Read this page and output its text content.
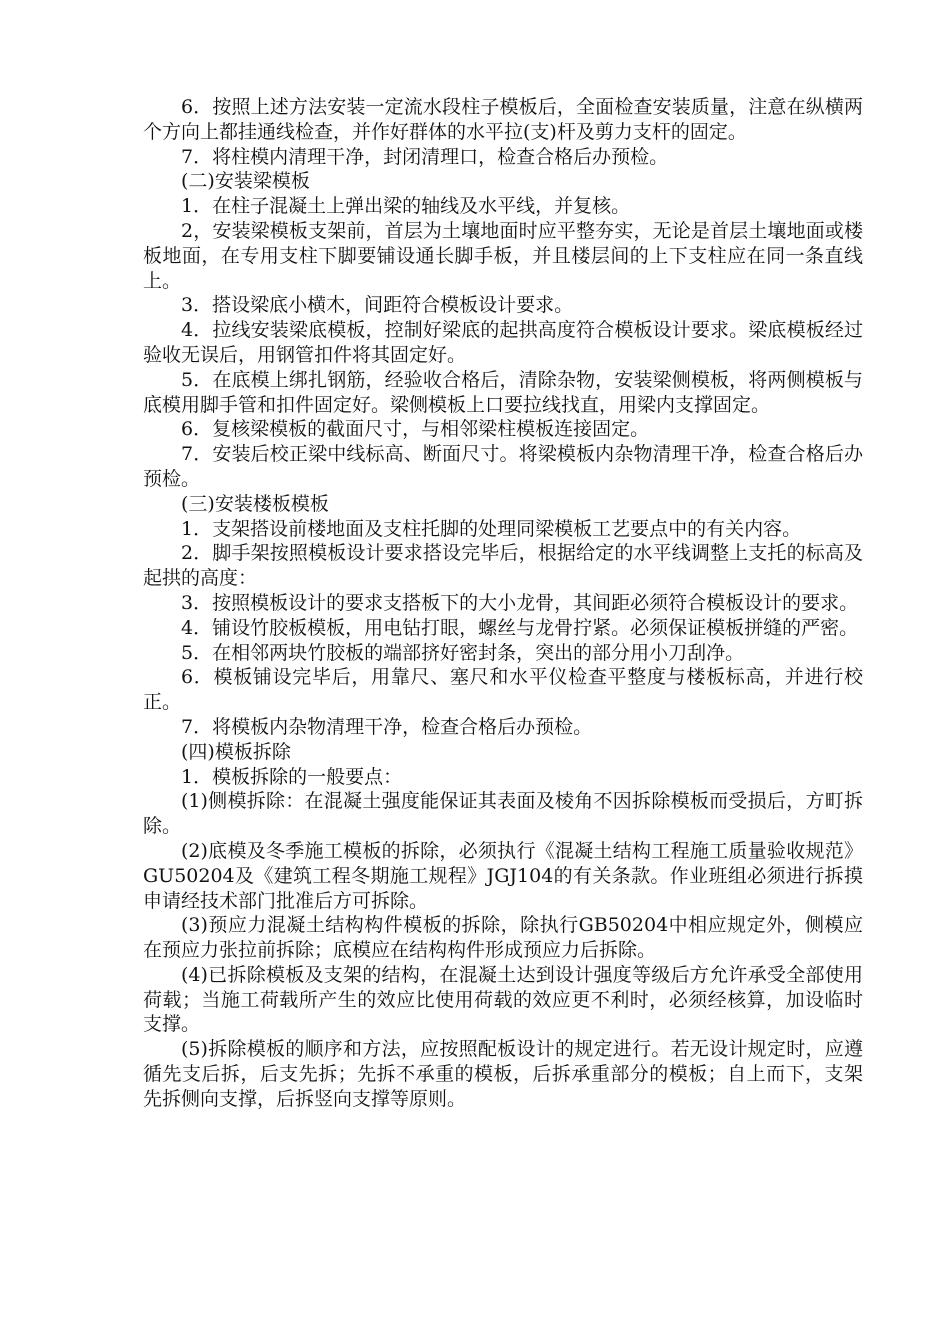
6．按照上述方法安装一定流水段柱子模板后，全面检查安装质量，注意在纵横两个方向上都挂通线检查，并作好群体的水平拉(支)杆及剪力支杆的固定。

7．将柱模内清理干净，封闭清理口，检查合格后办预检。

(二)安装梁模板

1．在柱子混凝土上弹出梁的轴线及水平线，并复核。

2，安装梁模板支架前，首层为土壤地面时应平整夯实，无论是首层土壤地面或楼板地面，在专用支柱下脚要铺设通长脚手板，并且楼层间的上下支柱应在同一条直线上。

3．搭设梁底小横木，间距符合模板设计要求。

4．拉线安装梁底模板，控制好梁底的起拱高度符合模板设计要求。梁底模板经过验收无误后，用钢管扣件将其固定好。

5．在底模上绑扎钢筋，经验收合格后，清除杂物，安装梁侧模板，将两侧模板与底模用脚手管和扣件固定好。梁侧模板上口要拉线找直，用梁内支撑固定。

6．复核梁模板的截面尺寸，与相邻梁柱模板连接固定。

7．安装后校正梁中线标高、断面尺寸。将梁模板内杂物清理干净，检查合格后办预检。

(三)安装楼板模板

1．支架搭设前楼地面及支柱托脚的处理同梁模板工艺要点中的有关内容。

2．脚手架按照模板设计要求搭设完毕后，根据给定的水平线调整上支托的标高及起拱的高度：

3．按照模板设计的要求支搭板下的大小龙骨，其间距必须符合模板设计的要求。

4．铺设竹胶板模板，用电钻打眼，螺丝与龙骨拧紧。必须保证模板拼缝的严密。

5．在相邻两块竹胶板的端部挤好密封条，突出的部分用小刀刮净。

6．模板铺设完毕后，用靠尺、塞尺和水平仪检查平整度与楼板标高，并进行校正。

7．将模板内杂物清理干净，检查合格后办预检。

(四)模板拆除

1．模板拆除的一般要点：

(1)侧模拆除：在混凝土强度能保证其表面及棱角不因拆除模板而受损后，方町拆除。

(2)底模及冬季施工模板的拆除，必须执行《混凝土结构工程施工质量验收规范》GU50204及《建筑工程冬期施工规程》JGJ104的有关条款。作业班组必须进行拆摸申请经技术部门批准后方可拆除。

(3)预应力混凝土结构构件模板的拆除，除执行GB50204中相应规定外，侧模应在预应力张拉前拆除；底模应在结构构件形成预应力后拆除。

(4)已拆除模板及支架的结构，在混凝土达到设计强度等级后方允许承受全部使用荷载；当施工荷载所产生的效应比使用荷载的效应更不利时，必须经核算，加设临时支撑。

(5)拆除模板的顺序和方法，应按照配板设计的规定进行。若无设计规定时，应遵循先支后拆，后支先拆；先拆不承重的模板，后拆承重部分的模板；自上而下，支架先拆侧向支撑，后拆竖向支撑等原则。
